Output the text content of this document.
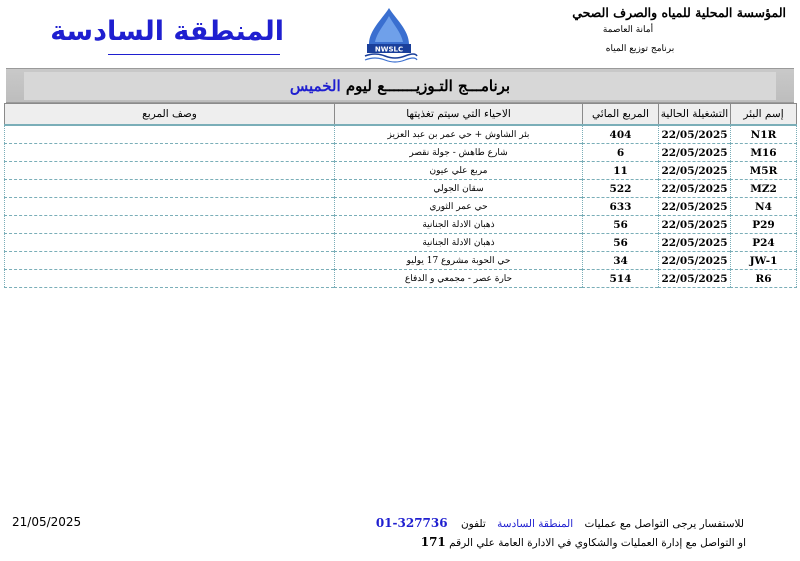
المنطقة السادسة
NWSLC
المؤسسة المحلية للمياه والصرف الصحي
أمانة العاصمة
برنامج توزيع المياه
برنامـــج التـوزيـــــــع ليوم الخميس
إسم البئر	التشغيلة الحالية	المربع المائي	الاحياء التي سيتم تغذيتها	وصف المربع
N1R	22/05/2025	404	بئر الشاوش + حي عمر بن عبد العزيز	
M16	22/05/2025	6	شارع طاهش - جولة نقصر	
M5R	22/05/2025	11	مربع علي عيون	
MZ2	22/05/2025	522	سقان الجولي	
N4	22/05/2025	633	حي عمر الثوري	
P29	22/05/2025	56	ذهبان الادلة الجنانية	
P24	22/05/2025	56	ذهبان الادلة الجنانية	
JW-1	22/05/2025	34	حي الحوبة مشروع 17 يوليو	
R6	22/05/2025	514	حارة عصر - مجمعي و الدفاع	
21/05/2025	للاستفسار يرجى التواصل مع عمليات المنطقة السادسة تلفون 01-327736
او التواصل مع إدارة العمليات والشكاوي في الادارة العامة علي الرقم 171
